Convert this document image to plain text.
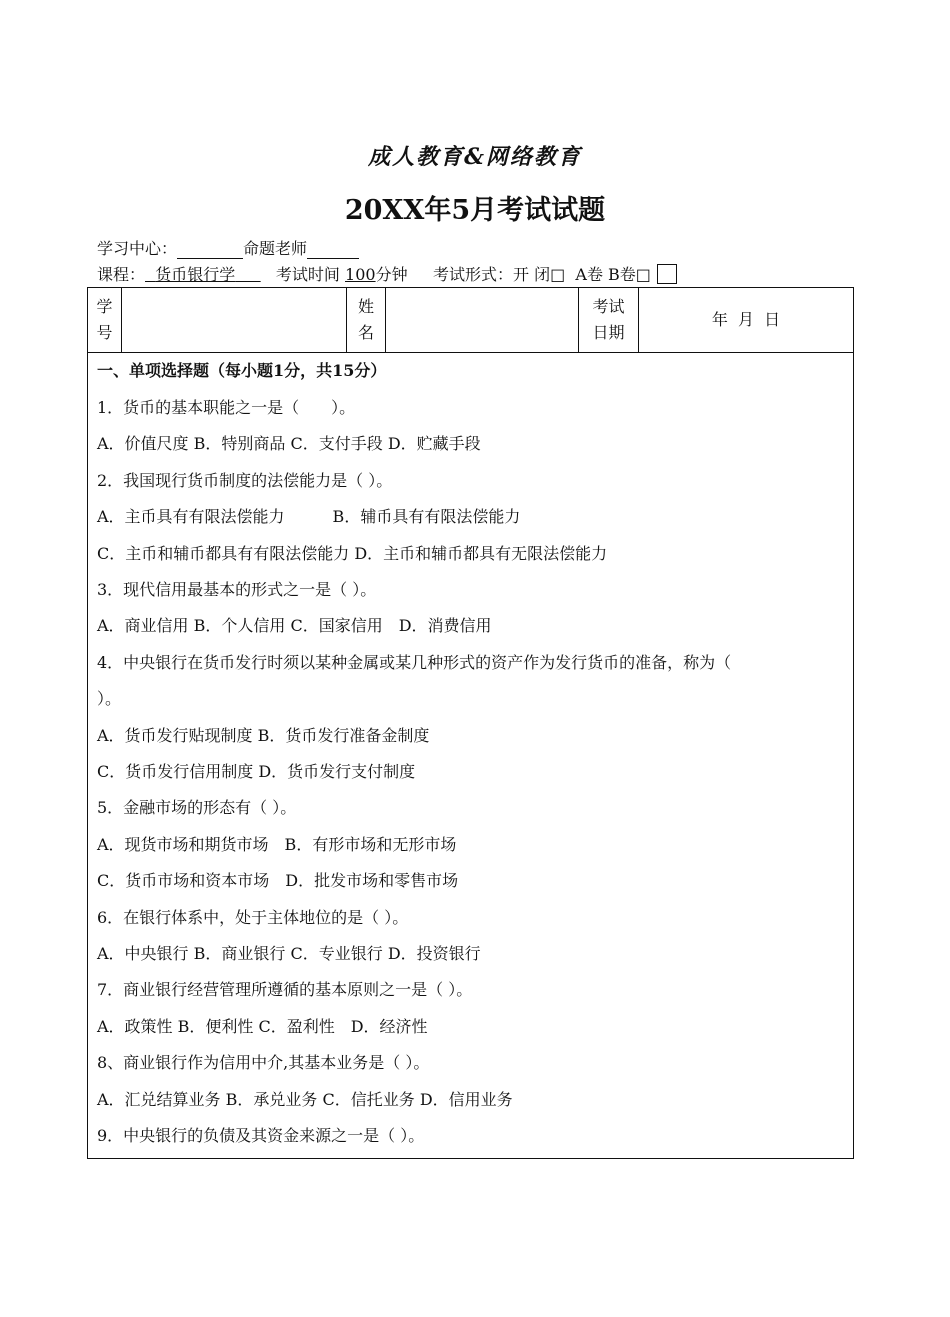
成人教育&网络教育
20XX年5月考试试题
学习中心：	命题老师
课程： 货币银行学	考试时间 100分钟 考试形式：开 闭□ A卷 B卷□
学
号
姓
名
考试
日期
年  月  日
一、单项选择题（每小题1分，共15分）
1．货币的基本职能之一是（　　）。
A．价值尺度 B．特别商品 C．支付手段 D．贮藏手段
2．我国现行货币制度的法偿能力是（ ）。
A．主币具有有限法偿能力　　　B．辅币具有有限法偿能力
C．主币和辅币都具有有限法偿能力 D．主币和辅币都具有无限法偿能力
3．现代信用最基本的形式之一是（ ）。
A．商业信用 B．个人信用 C．国家信用　D．消费信用
4．中央银行在货币发行时须以某种金属或某几种形式的资产作为发行货币的准备，称为（
）。
A．货币发行贴现制度 B．货币发行准备金制度
C．货币发行信用制度 D．货币发行支付制度
5．金融市场的形态有（ ）。
A．现货市场和期货市场　B．有形市场和无形市场
C．货币市场和资本市场　D．批发市场和零售市场
6．在银行体系中，处于主体地位的是（ ）。
A．中央银行 B．商业银行 C．专业银行 D．投资银行
7．商业银行经营管理所遵循的基本原则之一是（ ）。
A．政策性 B．便利性 C．盈利性　D．经济性
8、商业银行作为信用中介,其基本业务是（ ）。
A．汇兑结算业务 B．承兑业务 C．信托业务 D．信用业务
9．中央银行的负债及其资金来源之一是（ ）。
